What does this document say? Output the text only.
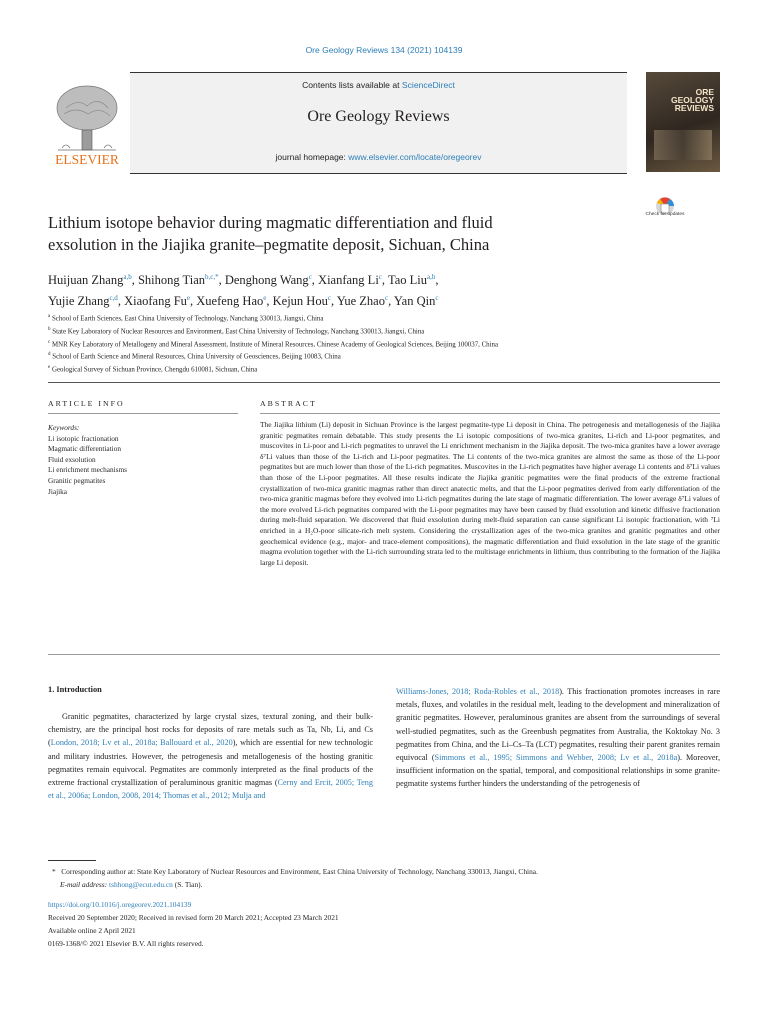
Ore Geology Reviews 134 (2021) 104139
ELSEVIER
Contents lists available at ScienceDirect
Ore Geology Reviews
journal homepage: www.elsevier.com/locate/oregeorev
ORE
GEOLOGY
REVIEWS
Lithium isotope behavior during magmatic differentiation and fluid
exsolution in the Jiajika granite–pegmatite deposit, Sichuan, China
Check for updates
Huijuan Zhang$^{a,b}$, Shihong Tian$^{b,c,*}$, Denghong Wang$^c$, Xianfang Li$^c$, Tao Liu$^{a,b}$,
Yujie Zhang$^{c,d}$, Xiaofang Fu$^e$, Xuefeng Hao$^e$, Kejun Hou$^c$, Yue Zhao$^c$, Yan Qin$^c$
$^a$ School of Earth Sciences, East China University of Technology, Nanchang 330013, Jiangxi, China
$^b$ State Key Laboratory of Nuclear Resources and Environment, East China University of Technology, Nanchang 330013, Jiangxi, China
$^c$ MNR Key Laboratory of Metallogeny and Mineral Assessment, Institute of Mineral Resources, Chinese Academy of Geological Sciences, Beijing 100037, China
$^d$ School of Earth Science and Mineral Resources, China University of Geosciences, Beijing 10083, China
$^e$ Geological Survey of Sichuan Province, Chengdu 610081, Sichuan, China
ARTICLE INFO
Keywords:
Li isotopic fractionation
Magmatic differentiation
Fluid exsolution
Li enrichment mechanisms
Granitic pegmatites
Jiajika
ABSTRACT
The Jiajika lithium (Li) deposit in Sichuan Province is the largest pegmatite-type Li deposit in China. The petrogenesis and metallogenesis of the Jiajika granitic pegmatites remain debatable. This study presents the Li isotopic compositions of two-mica granites, Li-rich and Li-poor pegmatites, and muscovites in Li-poor and Li-rich pegmatites to unravel the Li enrichment mechanism in the Jiajika deposit. The two-mica granites have a lower average δ⁷Li values than those of the Li-rich and Li-poor pegmatites. The Li contents of the two-mica granites are almost the same as those of the Li-poor pegmatites but are much lower than those of the Li-rich pegmatites. Muscovites in the Li-rich pegmatites have higher average Li contents and δ⁷Li values than those of the Li-poor pegmatites. All these results indicate the Jiajika granitic pegmatites were the final products of the extreme fractional crystallization of two-mica granitic magmas rather than direct anatectic melts, and that the Li-poor pegmatites derived from early differentiation of the two-mica granitic magmas before they evolved into Li-rich pegmatites during the late stage of magmatic differentiation. The lower average δ⁷Li values of the more evolved Li-rich pegmatites compared with the Li-poor pegmatites may have been caused by fluid exsolution and kinetic diffusive fractionation during melt-fluid separation. We discovered that fluid exsolution during melt-fluid separation can cause significant Li isotopic fractionation, with ⁷Li enriched in a H₂O-poor silicate-rich melt system. Considering the crystallization ages of the two-mica granites and granitic pegmatites and other geochemical evidence (e.g., major- and trace-element compositions), the magmatic differentiation and fluid exsolution in the late stage of the granitic magma evolution together with the Li-rich surrounding strata led to the multistage enrichments in lithium, thus contributing to the formation of the Jiajika large Li deposit.
1. Introduction
Granitic pegmatites, characterized by large crystal sizes, textural zoning, and their bulk-chemistry, are the principal host rocks for deposits of rare metals such as Ta, Nb, Li, and Cs (London, 2018; Lv et al., 2018a; Ballouard et al., 2020), which are essential for new technologic and military industries. However, the petrogenesis and metallogenesis of the hosting granitic pegmatites remain equivocal. Pegmatites are commonly interpreted as the final products of the extreme fractional crystallization of peraluminous granitic magmas (Cerny and Ercit, 2005; Teng et al., 2006a; London, 2008, 2014; Thomas et al., 2012; Mulja and
Williams-Jones, 2018; Roda-Robles et al., 2018). This fractionation promotes increases in rare metals, fluxes, and volatiles in the residual melt, leading to the development and mineralization of granitic pegmatites. However, peraluminous granites are absent from the surroundings of several well-studied pegmatites, such as the Greenbush pegmatites from Australia, the Koktokay No. 3 pegmatites from China, and the Li–Cs–Ta (LCT) pegmatites, resulting their parent granites remain equivocal (Simmons et al., 1995; Simmons and Webber, 2008; Lv et al., 2018a). Moreover, insufficient information on the spatial, temporal, and compositional relationships in some granite-pegmatite systems further hinders the understanding of the petrogenesis of
* Corresponding author at: State Key Laboratory of Nuclear Resources and Environment, East China University of Technology, Nanchang 330013, Jiangxi, China.
E-mail address: tshhong@ecut.edu.cn (S. Tian).
https://doi.org/10.1016/j.oregeorev.2021.104139
Received 20 September 2020; Received in revised form 20 March 2021; Accepted 23 March 2021
Available online 2 April 2021
0169-1368/© 2021 Elsevier B.V. All rights reserved.
